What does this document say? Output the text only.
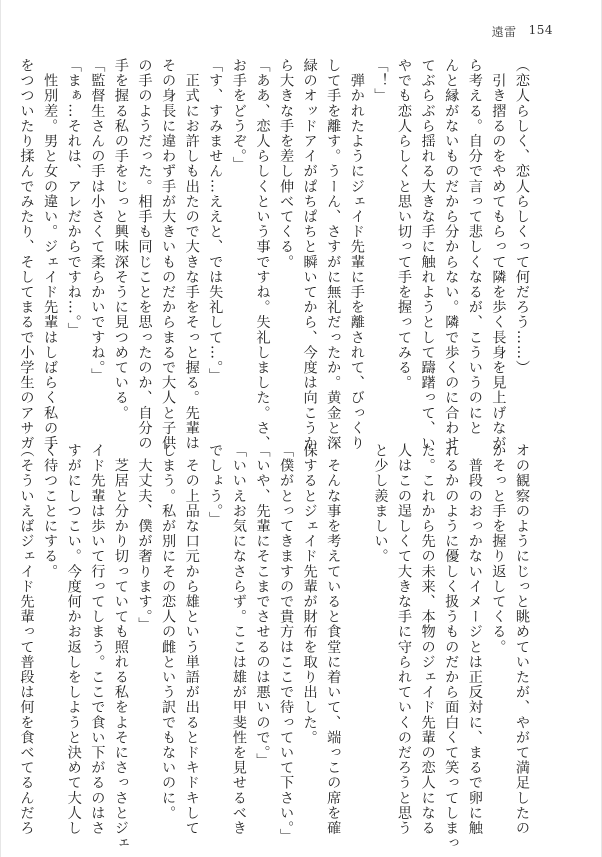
遠雷 154

（恋人らしく、恋人らしくって何だろう……）

　引き摺るのをやめてもらって隣を歩く長身を見上げなが

ら考える。自分で言って悲しくなるが、こういうのにと

んと縁がないものだから分からない。隣で歩くのに合わせ

てぶらぶら揺れる大きな手に触れようとして躊躇って、い

やでも恋人らしくと思い切って手を握ってみる。

「！」

　弾かれたようにジェイド先輩に手を離されて、びっくり

して手を離す。うーん、さすがに無礼だったか。黄金と深

緑のオッドアイがぱちぱちと瞬いてから、今度は向こうか

ら大きな手を差し伸べてくる。

「ああ、恋人らしくという事ですね。失礼しました。さ、

お手をどうぞ。」

「す、すみません…ええと、では失礼して…。」

　正式にお許しも出たので大きな手をそっと握る。先輩は

その身長に違わず手が大きいものだからまるで大人と子供

の手のようだった。相手も同じことを思ったのか、自分の

手を握る私の手をじっと興味深そうに見つめている。

「監督生さんの手は小さくて柔らかいですね。」

「まぁ…それは、アレだからですね…。」

　性別差。男と女の違い。ジェイド先輩はしばらく私の手

をつついたり揉んでみたり、そしてまるで小学生のアサガ

オの観察のようにじっと眺めていたが、やがて満足したの

かそっと手を握り返してくる。

　普段のおっかないイメージとは正反対に、まるで卵に触

れるかのように優しく扱うものだから面白くて笑ってしまっ

た。これから先の未来、本物のジェイド先輩の恋人になる

人はこの逞しくて大きな手に守られていくのだろうと思う

と少し羨ましい。

　そんな事を考えていると食堂に着いて、端っこの席を確

保するとジェイド先輩が財布を取り出した。

「僕がとってきますので貴方はここで待っていて下さい。」

「いや、先輩にそこまでさせるのは悪いので。」

「いいえお気になさらず。ここは雄が甲斐性を見せるべき

でしょう。」

　その上品な口元から雄という単語が出るとドキドキして

しまう。私が別にその恋人の雌という訳でもないのに。

　大丈夫、僕が奢ります。」

　芝居と分かり切っていても照れる私をよそにさっさとジェ

イド先輩は歩いて行ってしまう。ここで食い下がるのはさ

すがにしつこい。今度何かお返しをしようと決めて大人し

く待つことにする。

（そういえばジェイド先輩って普段は何を食べてるんだろ
